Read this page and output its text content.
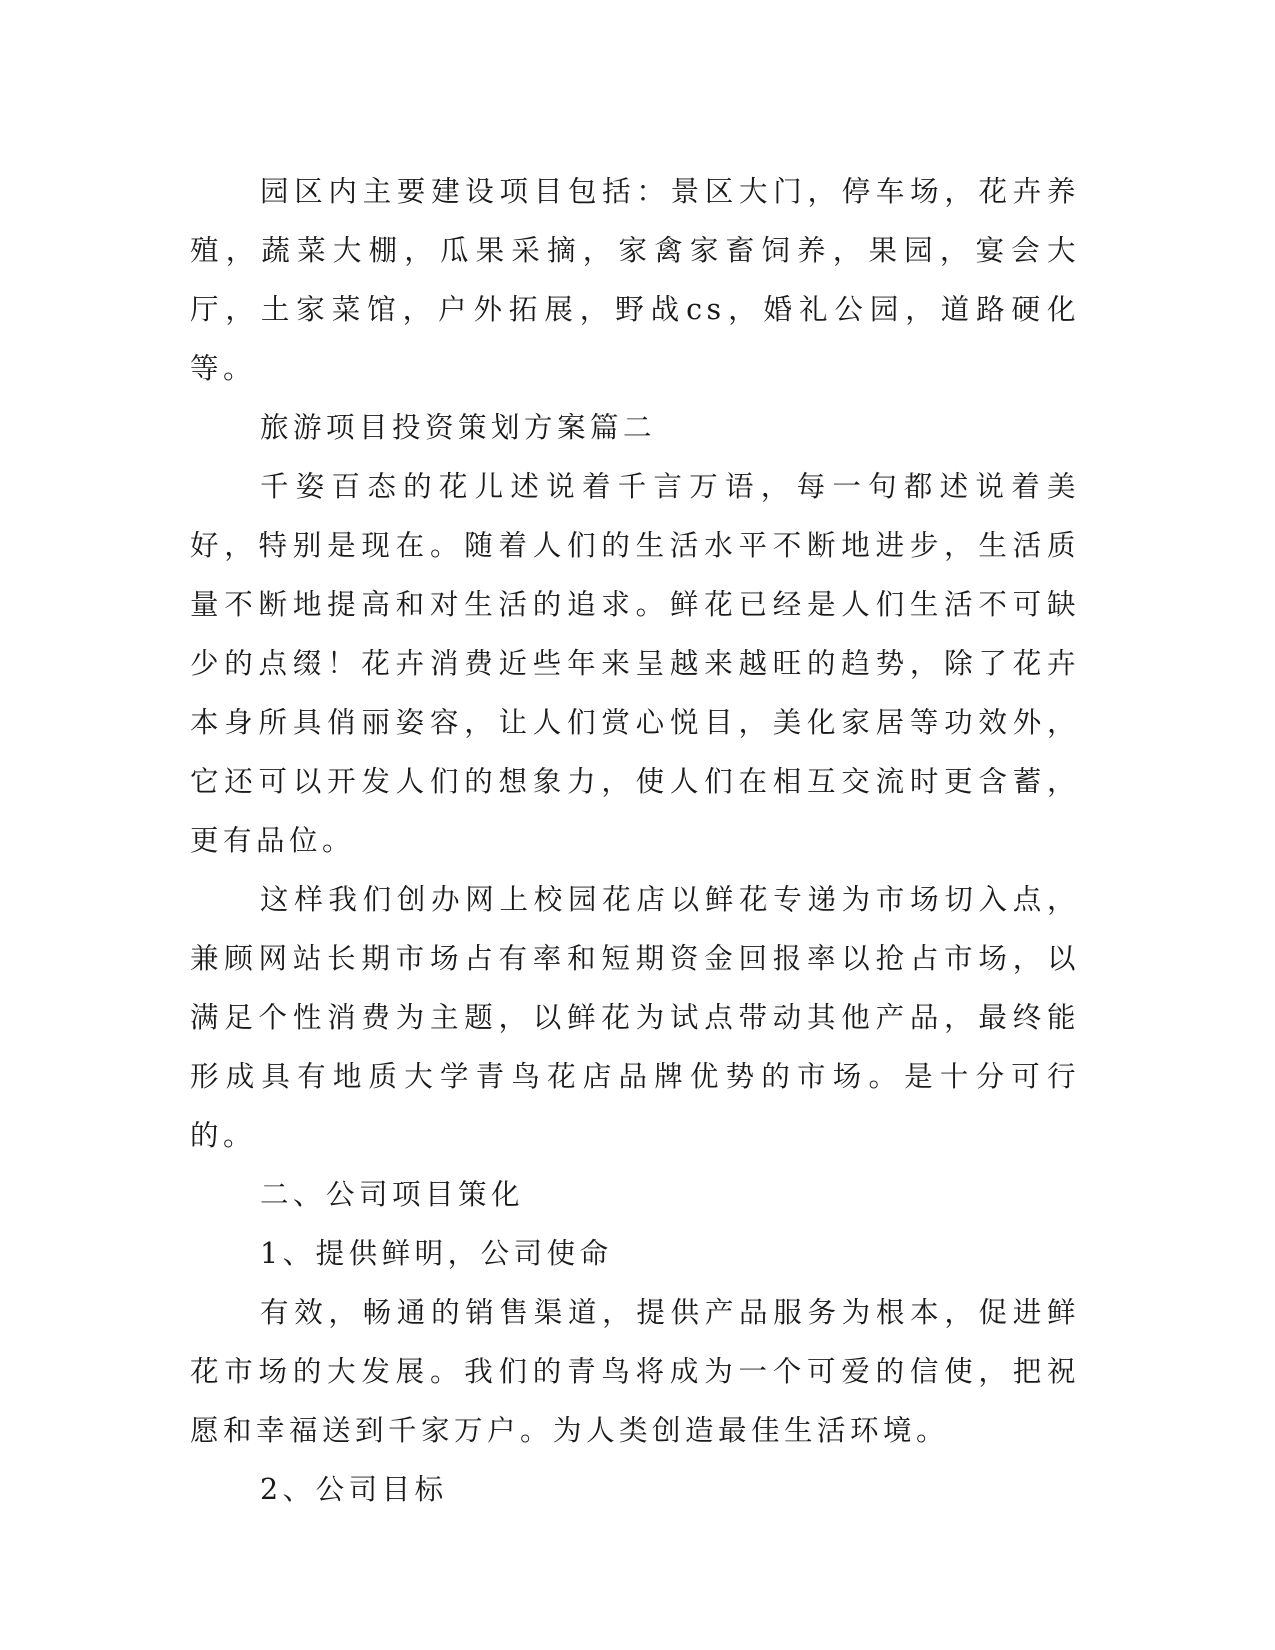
园区内主要建设项目包括：景区大门，停车场，花卉养殖，蔬菜大棚，瓜果采摘，家禽家畜饲养，果园，宴会大厅，土家菜馆，户外拓展，野战cs，婚礼公园，道路硬化等。

旅游项目投资策划方案篇二

千姿百态的花儿述说着千言万语，每一句都述说着美好，特别是现在。随着人们的生活水平不断地进步，生活质量不断地提高和对生活的追求。鲜花已经是人们生活不可缺少的点缀！花卉消费近些年来呈越来越旺的趋势，除了花卉本身所具俏丽姿容，让人们赏心悦目，美化家居等功效外，它还可以开发人们的想象力，使人们在相互交流时更含蓄，更有品位。

这样我们创办网上校园花店以鲜花专递为市场切入点，兼顾网站长期市场占有率和短期资金回报率以抢占市场，以满足个性消费为主题，以鲜花为试点带动其他产品，最终能形成具有地质大学青鸟花店品牌优势的市场。是十分可行的。

二、公司项目策化

1、提供鲜明，公司使命

有效，畅通的销售渠道，提供产品服务为根本，促进鲜花市场的大发展。我们的青鸟将成为一个可爱的信使，把祝愿和幸福送到千家万户。为人类创造最佳生活环境。

2、公司目标
